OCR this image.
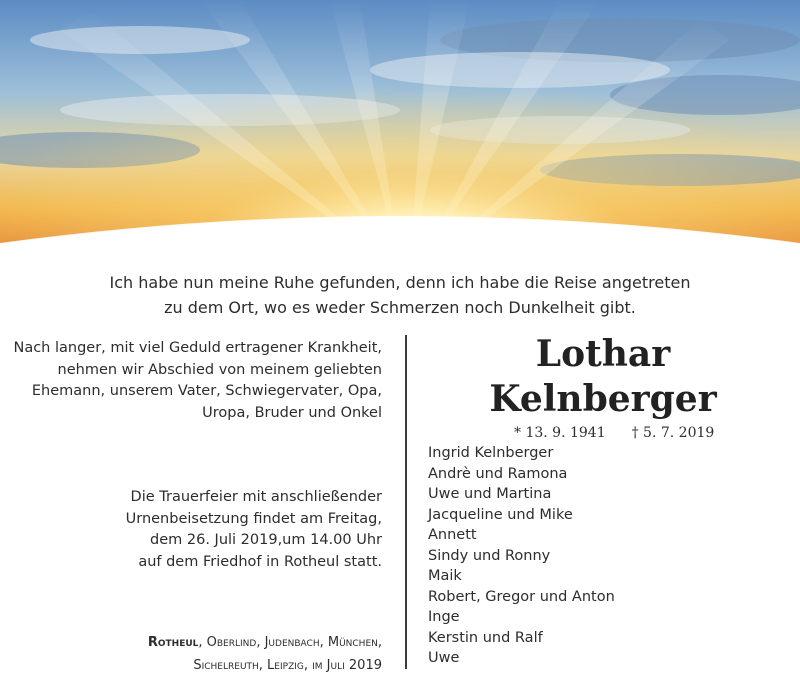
Ich habe nun meine Ruhe gefunden, denn ich habe die Reise angetreten
zu dem Ort, wo es weder Schmerzen noch Dunkelheit gibt.
Nach langer, mit viel Geduld ertragener Krankheit,
nehmen wir Abschied von meinem geliebten
Ehemann, unserem Vater, Schwiegervater, Opa,
Uropa, Bruder und Onkel
Die Trauerfeier mit anschließender
Urnenbeisetzung findet am Freitag,
dem 26. Juli 2019,um 14.00 Uhr
auf dem Friedhof in Rotheul statt.
Rotheul, Oberlind, Judenbach, München,
Sichelreuth, Leipzig, im Juli 2019
Lothar
Kelnberger
* 13. 9. 1941 † 5. 7. 2019
Ingrid Kelnberger
Andrè und Ramona
Uwe und Martina
Jacqueline und Mike
Annett
Sindy und Ronny
Maik
Robert, Gregor und Anton
Inge
Kerstin und Ralf
Uwe
